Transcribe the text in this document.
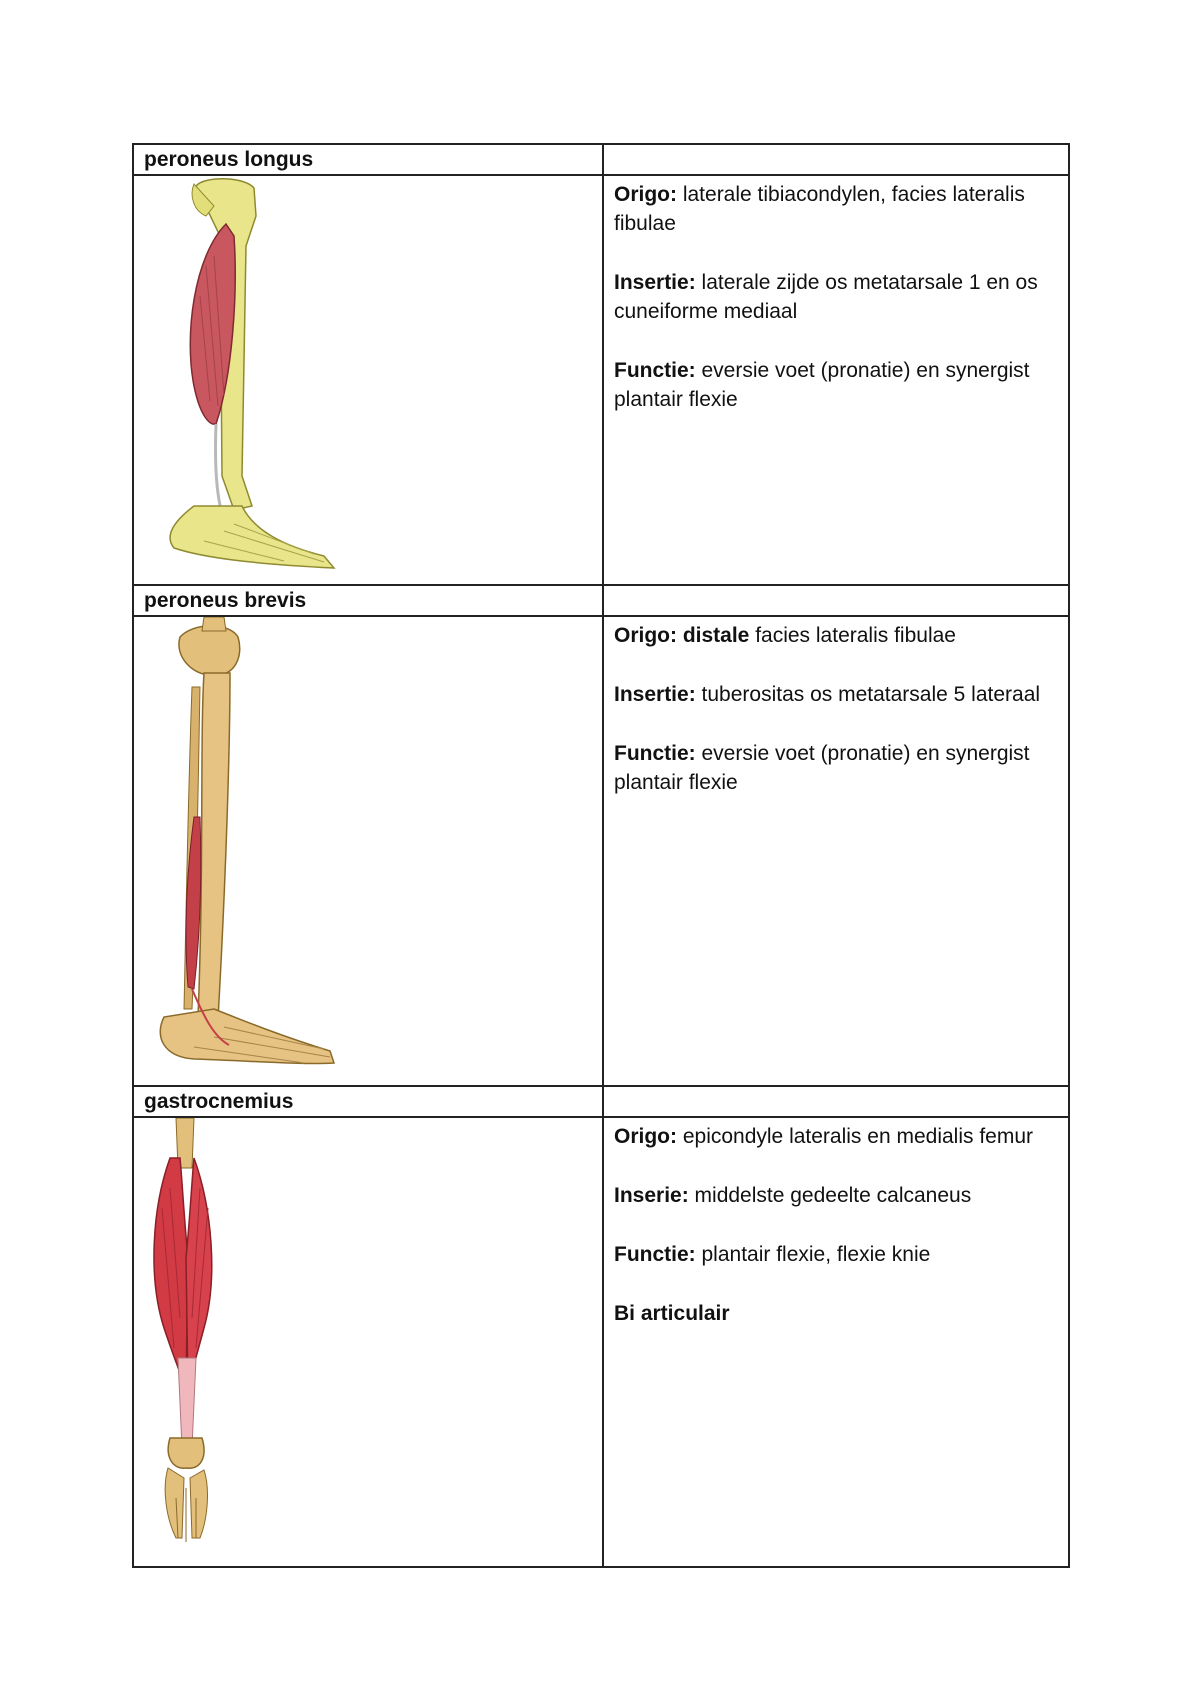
peroneus longus	

Origo: laterale tibiacondylen, facies lateralis fibulae

Insertie: laterale zijde os metatarsale 1 en os cuneiforme mediaal

Functie: eversie voet (pronatie) en synergist plantair flexie

peroneus brevis	

Origo: distale facies lateralis fibulae

Insertie: tuberositas os metatarsale 5 lateraal

Functie: eversie voet (pronatie) en synergist plantair flexie

gastrocnemius	

Origo: epicondyle lateralis en medialis femur

Inserie: middelste gedeelte calcaneus

Functie: plantair flexie, flexie knie

Bi articulair
